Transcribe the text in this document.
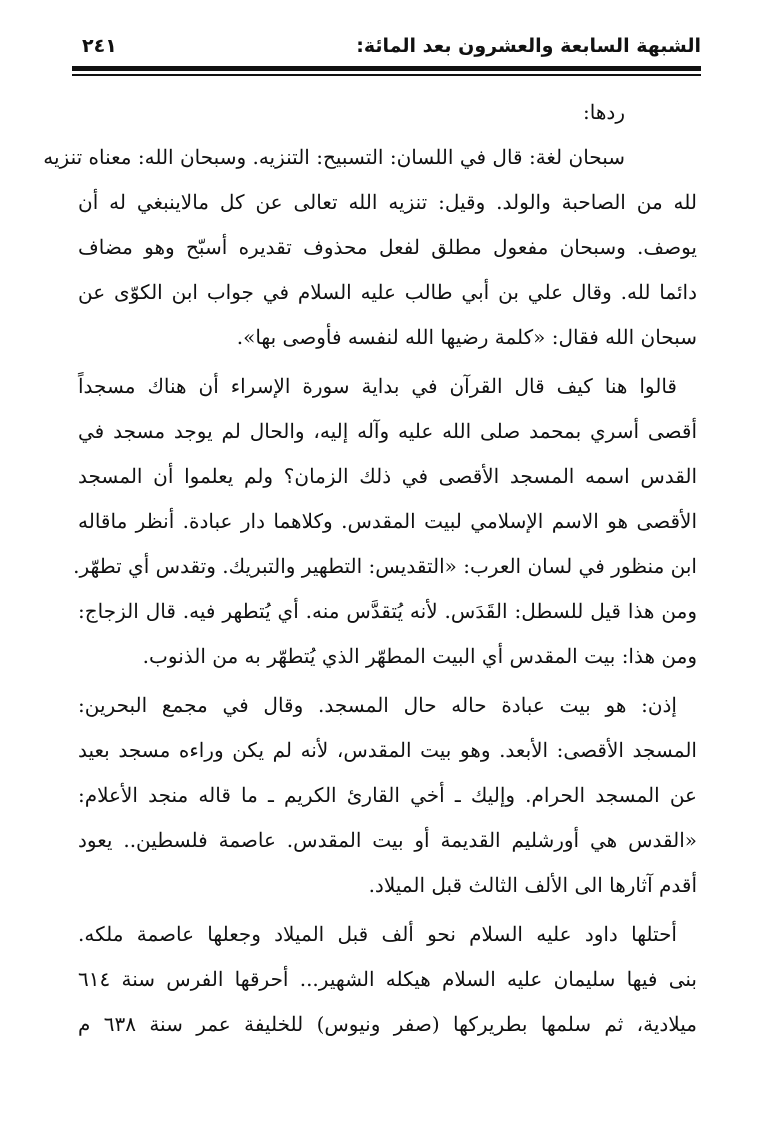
الشبهة السابعة والعشرون بعد المائة:
٢٤١
ردها:
سبحان لغة: قال في اللسان: التسبيح: التنزيه. وسبحان الله: معناه تنزيه
لله من الصاحبة والولد. وقيل: تنزيه الله تعالى عن كل مالاينبغي له أن
يوصف. وسبحان مفعول مطلق لفعل محذوف تقديره أسبّح وهو مضاف
دائما لله. وقال علي بن أبي طالب عليه السلام في جواب ابن الكوّى عن
سبحان الله فقال: «كلمة رضيها الله لنفسه فأوصى بها».
قالوا هنا كيف قال القرآن في بداية سورة الإسراء أن هناك مسجداً
أقصى أسري بمحمد صلى الله عليه وآله إليه، والحال لم يوجد مسجد في
القدس اسمه المسجد الأقصى في ذلك الزمان؟ ولم يعلموا أن المسجد
الأقصى هو الاسم الإسلامي لبيت المقدس. وكلاهما دار عبادة. أنظر ماقاله
ابن منظور في لسان العرب: «التقديس: التطهير والتبريك. وتقدس أي تطهّر.
ومن هذا قيل للسطل: القَدَس. لأنه يُتقدَّس منه. أي يُتطهر فيه. قال الزجاج:
ومن هذا: بيت المقدس أي البيت المطهّر الذي يُتطهّر به من الذنوب.
إذن: هو بيت عبادة حاله حال المسجد. وقال في مجمع البحرين:
المسجد الأقصى: الأبعد. وهو بيت المقدس، لأنه لم يكن وراءه مسجد بعيد
عن المسجد الحرام. وإليك ـ أخي القارئ الكريم ـ ما قاله منجد الأعلام:
«القدس هي أورشليم القديمة أو بيت المقدس. عاصمة فلسطين.. يعود
أقدم آثارها الى الألف الثالث قبل الميلاد.
أحتلها داود عليه السلام نحو ألف قبل الميلاد وجعلها عاصمة ملكه.
بنى فيها سليمان عليه السلام هيكله الشهير... أحرقها الفرس سنة ٦١٤
ميلادية، ثم سلمها بطريركها (صفر ونيوس) للخليفة عمر سنة ٦٣٨ م
